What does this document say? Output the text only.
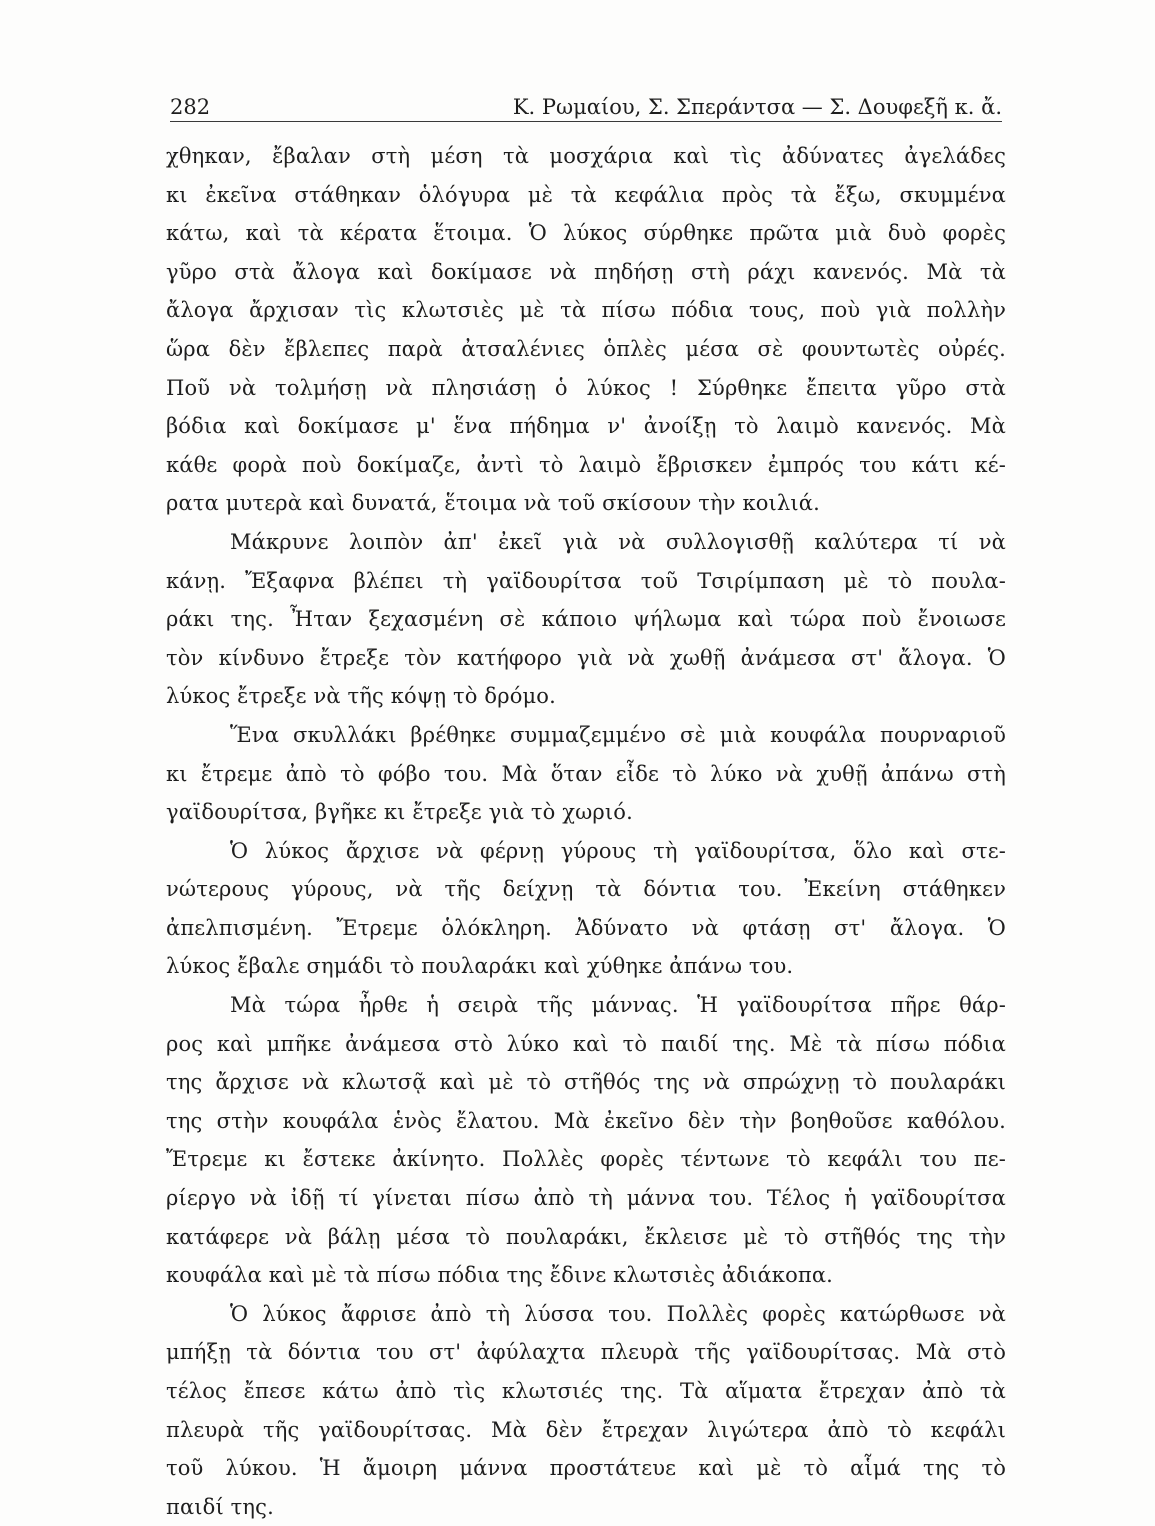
282	Κ. Ρωμαίου, Σ. Σπεράντσα — Σ. Δουφεξῆ κ. ἄ.
χθηκαν, ἔβαλαν στὴ μέση τὰ μοσχάρια καὶ τὶς ἀδύνατες ἀγελάδες
κι ἐκεῖνα στάθηκαν ὁλόγυρα μὲ τὰ κεφάλια πρὸς τὰ ἔξω, σκυμμένα
κάτω, καὶ τὰ κέρατα ἕτοιμα. Ὁ λύκος σύρθηκε πρῶτα μιὰ δυὸ φορὲς
γῦρο στὰ ἄλογα καὶ δοκίμασε νὰ πηδήσῃ στὴ ράχι κανενός. Μὰ τὰ
ἄλογα ἄρχισαν τὶς κλωτσιὲς μὲ τὰ πίσω πόδια τους, ποὺ γιὰ πολλὴν
ὥρα δὲν ἔβλεπες παρὰ ἀτσαλένιες ὁπλὲς μέσα σὲ φουντωτὲς οὐρές.
Ποῦ νὰ τολμήσῃ νὰ πλησιάσῃ ὁ λύκος ! Σύρθηκε ἔπειτα γῦρο στὰ
βόδια καὶ δοκίμασε μ' ἕνα πήδημα ν' ἀνοίξῃ τὸ λαιμὸ κανενός. Μὰ
κάθε φορὰ ποὺ δοκίμαζε, ἀντὶ τὸ λαιμὸ ἔβρισκεν ἐμπρός του κάτι κέ-
ρατα μυτερὰ καὶ δυνατά, ἕτοιμα νὰ τοῦ σκίσουν τὴν κοιλιά.
Μάκρυνε λοιπὸν ἀπ' ἐκεῖ γιὰ νὰ συλλογισθῇ καλύτερα τί νὰ
κάνῃ. Ἔξαφνα βλέπει τὴ γαϊδουρίτσα τοῦ Τσιρίμπαση μὲ τὸ πουλα-
ράκι της. Ἦταν ξεχασμένη σὲ κάποιο ψήλωμα καὶ τώρα ποὺ ἔνοιωσε
τὸν κίνδυνο ἔτρεξε τὸν κατήφορο γιὰ νὰ χωθῇ ἀνάμεσα στ' ἄλογα. Ὁ
λύκος ἔτρεξε νὰ τῆς κόψῃ τὸ δρόμο.
Ἕνα σκυλλάκι βρέθηκε συμμαζεμμένο σὲ μιὰ κουφάλα πουρναριοῦ
κι ἔτρεμε ἀπὸ τὸ φόβο του. Μὰ ὅταν εἶδε τὸ λύκο νὰ χυθῇ ἀπάνω στὴ
γαϊδουρίτσα, βγῆκε κι ἔτρεξε γιὰ τὸ χωριό.
Ὁ λύκος ἄρχισε νὰ φέρνῃ γύρους τὴ γαϊδουρίτσα, ὅλο καὶ στε-
νώτερους γύρους, νὰ τῆς δείχνῃ τὰ δόντια του. Ἐκείνη στάθηκεν
ἀπελπισμένη. Ἔτρεμε ὁλόκληρη. Ἀδύνατο νὰ φτάσῃ στ' ἄλογα. Ὁ
λύκος ἔβαλε σημάδι τὸ πουλαράκι καὶ χύθηκε ἀπάνω του.
Μὰ τώρα ἦρθε ἡ σειρὰ τῆς μάννας. Ἡ γαϊδουρίτσα πῆρε θάρ-
ρος καὶ μπῆκε ἀνάμεσα στὸ λύκο καὶ τὸ παιδί της. Μὲ τὰ πίσω πόδια
της ἄρχισε νὰ κλωτσᾷ καὶ μὲ τὸ στῆθός της νὰ σπρώχνῃ τὸ πουλαράκι
της στὴν κουφάλα ἑνὸς ἔλατου. Μὰ ἐκεῖνο δὲν τὴν βοηθοῦσε καθόλου.
Ἔτρεμε κι ἔστεκε ἀκίνητο. Πολλὲς φορὲς τέντωνε τὸ κεφάλι του πε-
ρίεργο νὰ ἰδῇ τί γίνεται πίσω ἀπὸ τὴ μάννα του. Τέλος ἡ γαϊδουρίτσα
κατάφερε νὰ βάλῃ μέσα τὸ πουλαράκι, ἔκλεισε μὲ τὸ στῆθός της τὴν
κουφάλα καὶ μὲ τὰ πίσω πόδια της ἔδινε κλωτσιὲς ἀδιάκοπα.
Ὁ λύκος ἄφρισε ἀπὸ τὴ λύσσα του. Πολλὲς φορὲς κατώρθωσε νὰ
μπήξῃ τὰ δόντια του στ' ἀφύλαχτα πλευρὰ τῆς γαϊδουρίτσας. Μὰ στὸ
τέλος ἔπεσε κάτω ἀπὸ τὶς κλωτσιές της. Τὰ αἵματα ἔτρεχαν ἀπὸ τὰ
πλευρὰ τῆς γαϊδουρίτσας. Μὰ δὲν ἔτρεχαν λιγώτερα ἀπὸ τὸ κεφάλι
τοῦ λύκου. Ἡ ἄμοιρη μάννα προστάτευε καὶ μὲ τὸ αἷμά της τὸ
παιδί της.
